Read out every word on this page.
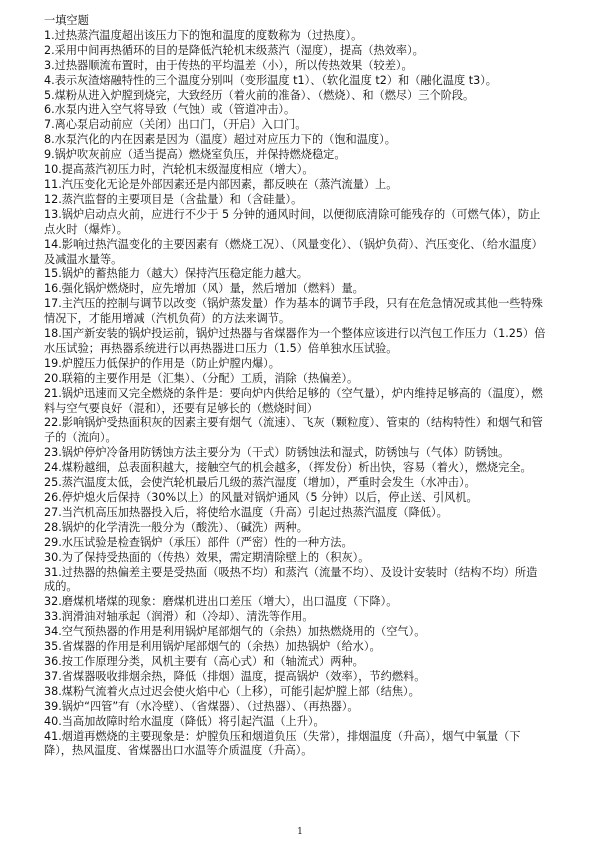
一填空题
1.过热蒸汽温度超出该压力下的饱和温度的度数称为（过热度）。
2.采用中间再热循环的目的是降低汽轮机末级蒸汽（湿度），提高（热效率）。
3.过热器顺流布置时，由于传热的平均温差（小），所以传热效果（较差）。
4.表示灰渣熔融特性的三个温度分别叫（变形温度 t1）、（软化温度 t2）和（融化温度 t3）。
5.煤粉从进入炉膛到烧完，大致经历（着火前的准备）、（燃烧）、和（燃尽）三个阶段。
6.水泵内进入空气将导致（气蚀）或（管道冲击）。
7.离心泵启动前应（关闭）出口门，（开启）入口门。
8.水泵汽化的内在因素是因为（温度）超过对应压力下的（饱和温度）。
9.锅炉吹灰前应（适当提高）燃烧室负压，并保持燃烧稳定。
10.提高蒸汽初压力时，汽轮机末级湿度相应（增大）。
11.汽压变化无论是外部因素还是内部因素，都反映在（蒸汽流量）上。
12.蒸汽监督的主要项目是（含盐量）和（含硅量）。
13.锅炉启动点火前，应进行不少于 5 分钟的通风时间，以便彻底清除可能残存的（可燃气体），防止点火时（爆炸）。
14.影响过热汽温变化的主要因素有（燃烧工况）、（风量变化）、（锅炉负荷）、汽压变化、（给水温度）及减温水量等。
15.锅炉的蓄热能力（越大）保持汽压稳定能力越大。
16.强化锅炉燃烧时，应先增加（风）量，然后增加（燃料）量。
17.主汽压的控制与调节以改变（锅炉蒸发量）作为基本的调节手段，只有在危急情况或其他一些特殊情况下，才能用增减（汽机负荷）的方法来调节。
18.国产新安装的锅炉投运前，锅炉过热器与省煤器作为一个整体应该进行以汽包工作压力（1.25）倍水压试验；再热器系统进行以再热器进口压力（1.5）倍单独水压试验。
19.炉膛压力低保护的作用是（防止炉膛内爆）。
20.联箱的主要作用是（汇集）、（分配）工质，消除（热偏差）。
21.锅炉迅速而又完全燃烧的条件是：要向炉内供给足够的（空气量），炉内维持足够高的（温度），燃料与空气要良好（混和），还要有足够长的（燃烧时间）
22.影响锅炉受热面积灰的因素主要有烟气（流速）、飞灰（颗粒度）、管束的（结构特性）和烟气和管子的（流向）。
23.锅炉停炉冷备用防锈蚀方法主要分为（干式）防锈蚀法和湿式，防锈蚀与（气体）防锈蚀。
24.煤粉越细，总表面积越大，接触空气的机会越多，（挥发份）析出快，容易（着火），燃烧完全。
25.蒸汽温度太低，会使汽轮机最后几级的蒸汽湿度（增加），严重时会发生（水冲击）。
26.停炉熄火后保持（30%以上）的风量对锅炉通风（5 分钟）以后，停止送、引风机。
27.当汽机高压加热器投入后，将使给水温度（升高）引起过热蒸汽温度（降低）。
28.锅炉的化学清洗一般分为（酸洗）、（碱洗）两种。
29.水压试验是检查锅炉（承压）部件（严密）性的一种方法。
30.为了保持受热面的（传热）效果，需定期清除壁上的（积灰）。
31.过热器的热偏差主要是受热面（吸热不均）和蒸汽（流量不均）、及设计安装时（结构不均）所造成的。
32.磨煤机堵煤的现象：磨煤机进出口差压（增大），出口温度（下降）。
33.润滑油对轴承起（润滑）和（冷却）、清洗等作用。
34.空气预热器的作用是利用锅炉尾部烟气的（余热）加热燃烧用的（空气）。
35.省煤器的作用是利用锅炉尾部烟气的（余热）加热锅炉（给水）。
36.按工作原理分类，风机主要有（高心式）和（轴流式）两种。
37.省煤器吸收排烟余热，降低（排烟）温度，提高锅炉（效率），节约燃料。
38.煤粉气流着火点过迟会使火焰中心（上移），可能引起炉膛上部（结焦）。
39.锅炉“四管”有（水冷壁）、（省煤器）、（过热器）、（再热器）。
40.当高加故障时给水温度（降低）将引起汽温（上升）。
41.烟道再燃烧的主要现象是：炉膛负压和烟道负压（失常），排烟温度（升高），烟气中氧量（下降），热风温度、省煤器出口水温等介质温度（升高）。
1
